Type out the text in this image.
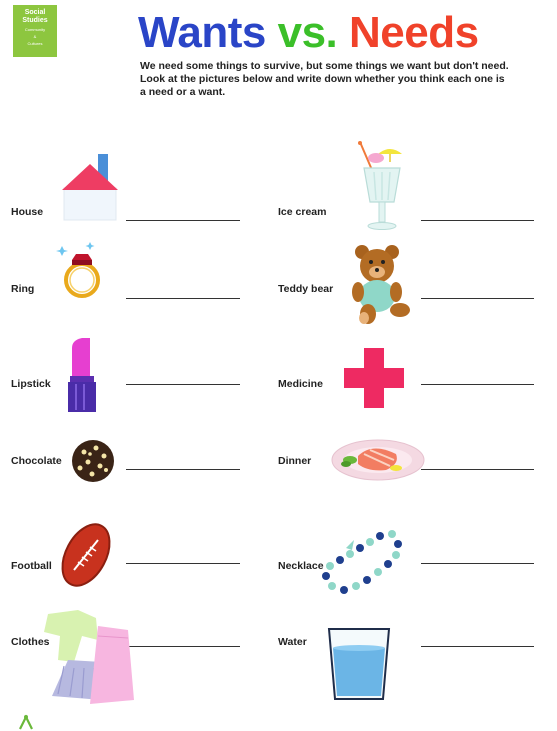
Social
Studies
Community
&
Cultures	Wants vs. Needs
We need some things to survive, but some things we want but don't need. Look at the pictures below and write down whether you think each one is a need or a want.
House
Ring
Lipstick
Chocolate
Football
Clothes
Ice cream
Teddy bear
Medicine
Dinner
Necklace
Water
